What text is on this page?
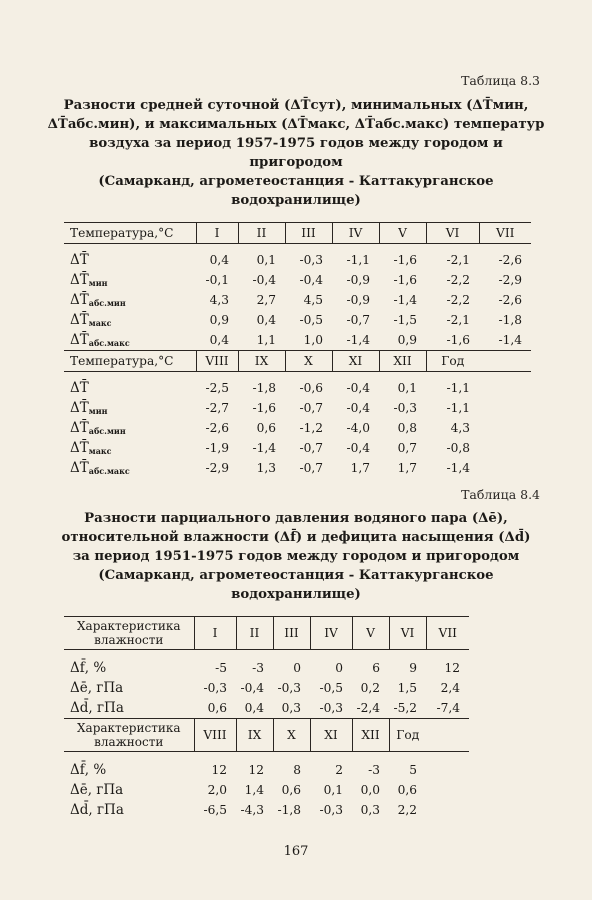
Таблица 8.3
Разности средней суточной (ΔT̄сут), минимальных (ΔT̄мин,
ΔT̄абс.мин), и максимальных (ΔT̄макс, ΔT̄абс.макс) температур
воздуха за период 1957-1975 годов между городом и
пригородом
(Самарканд, агрометеостанция - Каттакурганское
водохранилище)
Температура,°С	I	II	III	IV	V	VI	VII

ΔT̄	0,4	0,1	-0,3	-1,1	-1,6	-2,1	-2,6
$\Delta T̄_{мин}$	-0,1	-0,4	-0,4	-0,9	-1,6	-2,2	-2,9
$\Delta T̄_{абс.мин}$	4,3	2,7	4,5	-0,9	-1,4	-2,2	-2,6
$\Delta T̄_{макс}$	0,9	0,4	-0,5	-0,7	-1,5	-2,1	-1,8
$\Delta T̄_{абс.макс}$	0,4	1,1	1,0	-1,4	0,9	-1,6	-1,4
Температура,°С	VIII	IX	X	XI	XII	Год	

ΔT̄	-2,5	-1,8	-0,6	-0,4	0,1	-1,1	
$\Delta T̄_{мин}$	-2,7	-1,6	-0,7	-0,4	-0,3	-1,1	
$\Delta T̄_{абс.мин}$	-2,6	0,6	-1,2	-4,0	0,8	4,3	
$\Delta T̄_{макс}$	-1,9	-1,4	-0,7	-0,4	0,7	-0,8	
$\Delta T̄_{абс.макс}$	-2,9	1,3	-0,7	1,7	1,7	-1,4	
Таблица 8.4
Разности парциального давления водяного пара (Δē),
относительной влажности (Δf̄) и дефицита насыщения (Δd̄)
за период 1951-1975 годов между городом и пригородом
(Самарканд, агрометеостанция - Каттакурганское
водохранилище)
Характеристика
влажности	I	II	III	IV	V	VI	VII

Δf̄, %	-5	-3	0	0	6	9	12
Δē, гПа	-0,3	-0,4	-0,3	-0,5	0,2	1,5	2,4
Δd̄, гПа	0,6	0,4	0,3	-0,3	-2,4	-5,2	-7,4
Характеристика
влажности	VIII	IX	X	XI	XII	Год	

Δf̄, %	12	12	8	2	-3	5	
Δē, гПа	2,0	1,4	0,6	0,1	0,0	0,6	
Δd̄, гПа	-6,5	-4,3	-1,8	-0,3	0,3	2,2	
167
